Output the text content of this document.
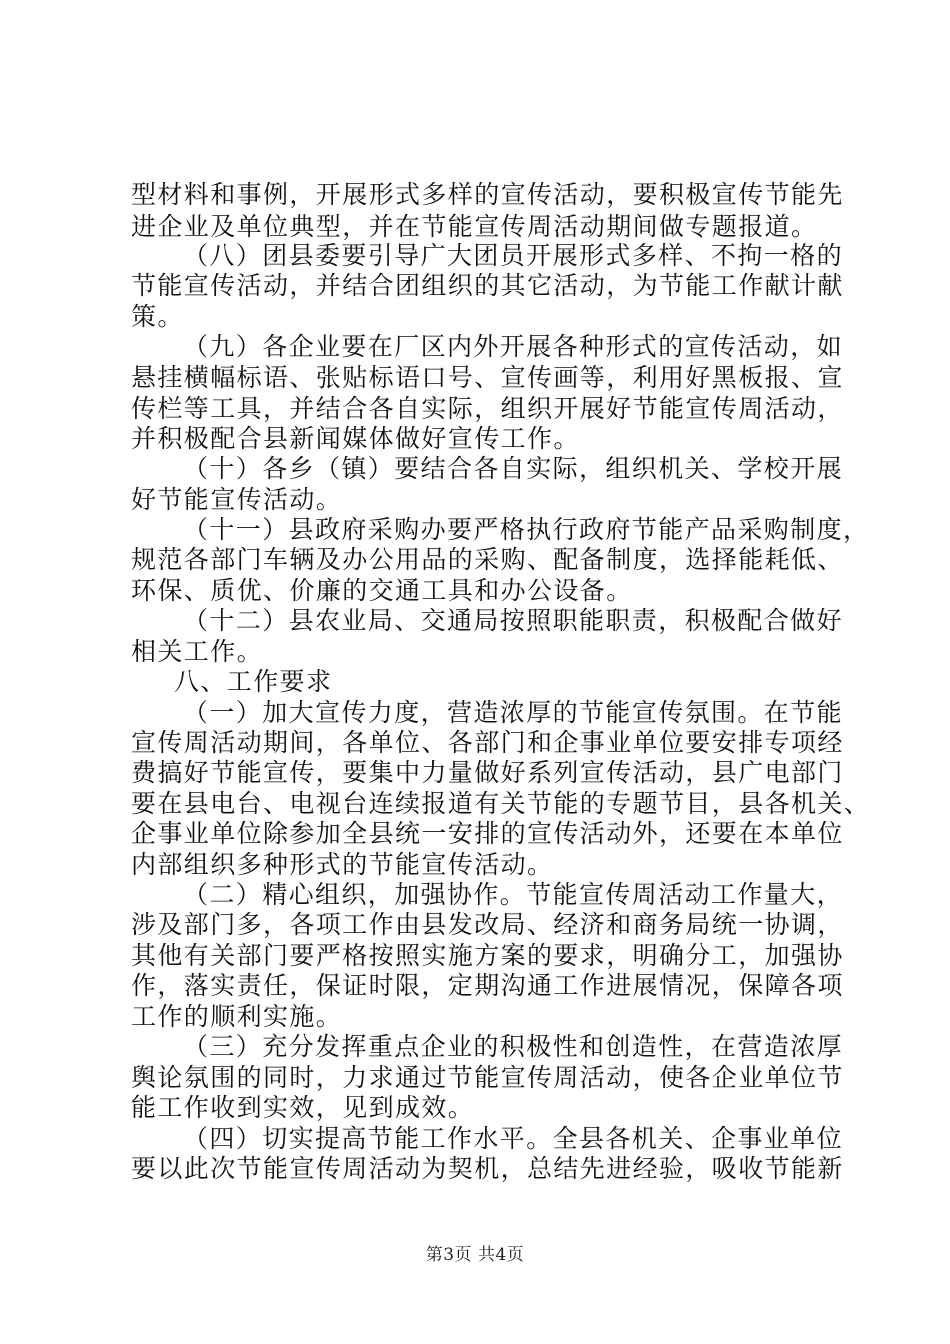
型材料和事例，开展形式多样的宣传活动，要积极宣传节能先
进企业及单位典型，并在节能宣传周活动期间做专题报道。
（八）团县委要引导广大团员开展形式多样、不拘一格的
节能宣传活动，并结合团组织的其它活动，为节能工作献计献
策。
（九）各企业要在厂区内外开展各种形式的宣传活动，如
悬挂横幅标语、张贴标语口号、宣传画等，利用好黑板报、宣
传栏等工具，并结合各自实际，组织开展好节能宣传周活动，
并积极配合县新闻媒体做好宣传工作。
（十）各乡（镇）要结合各自实际，组织机关、学校开展
好节能宣传活动。
（十一）县政府采购办要严格执行政府节能产品采购制度，
规范各部门车辆及办公用品的采购、配备制度，选择能耗低、
环保、质优、价廉的交通工具和办公设备。
（十二）县农业局、交通局按照职能职责，积极配合做好
相关工作。
八、工作要求
（一）加大宣传力度，营造浓厚的节能宣传氛围。在节能
宣传周活动期间，各单位、各部门和企事业单位要安排专项经
费搞好节能宣传，要集中力量做好系列宣传活动，县广电部门
要在县电台、电视台连续报道有关节能的专题节目，县各机关、
企事业单位除参加全县统一安排的宣传活动外，还要在本单位
内部组织多种形式的节能宣传活动。
（二）精心组织，加强协作。节能宣传周活动工作量大，
涉及部门多，各项工作由县发改局、经济和商务局统一协调，
其他有关部门要严格按照实施方案的要求，明确分工，加强协
作，落实责任，保证时限，定期沟通工作进展情况，保障各项
工作的顺利实施。
（三）充分发挥重点企业的积极性和创造性，在营造浓厚
舆论氛围的同时，力求通过节能宣传周活动，使各企业单位节
能工作收到实效，见到成效。
（四）切实提高节能工作水平。全县各机关、企事业单位
要以此次节能宣传周活动为契机，总结先进经验，吸收节能新
第3页 共4页
